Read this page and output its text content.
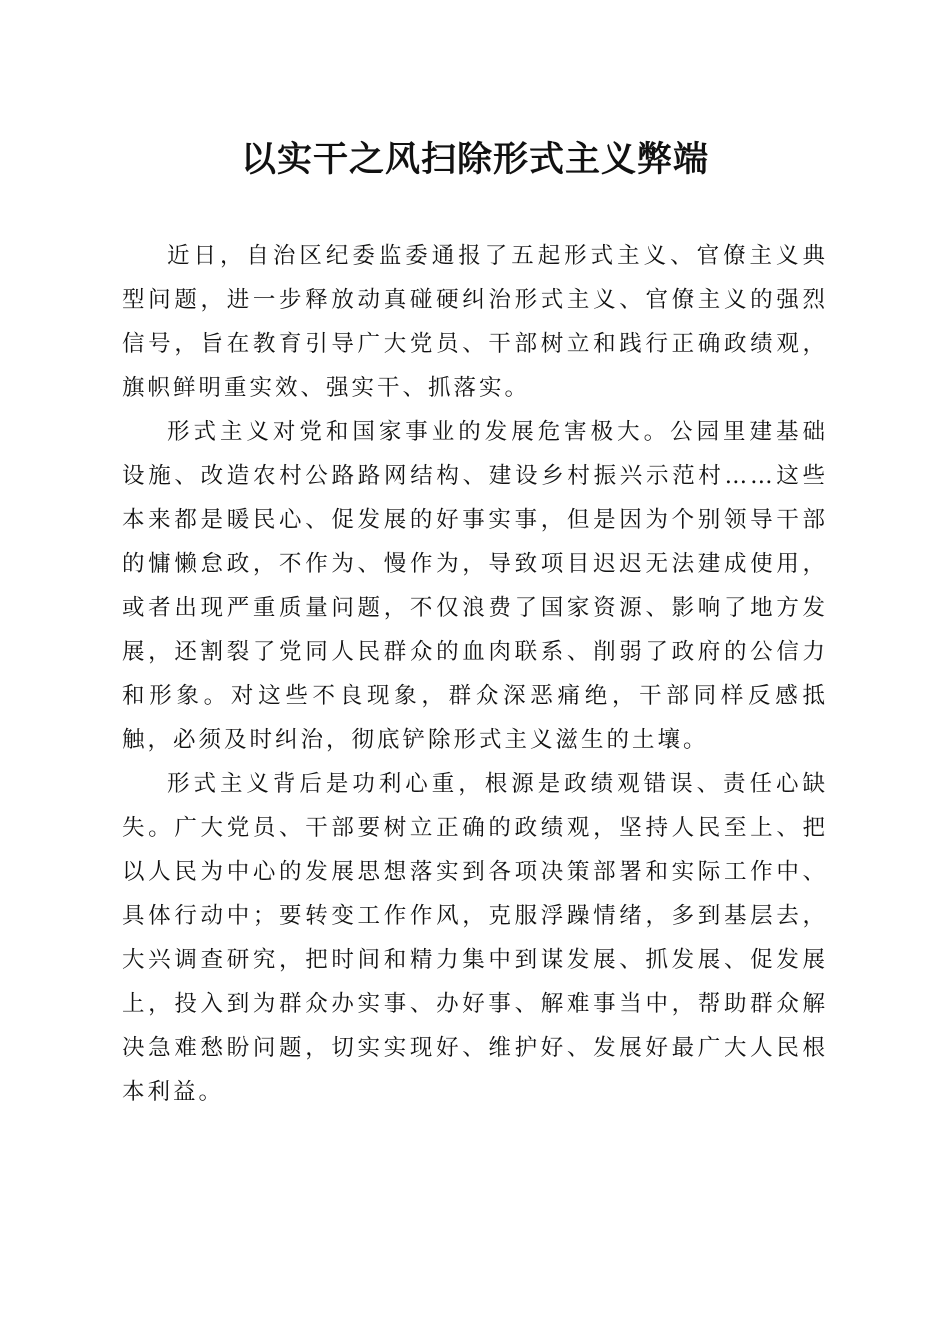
以实干之风扫除形式主义弊端

近日，自治区纪委监委通报了五起形式主义、官僚主义典型问题，进一步释放动真碰硬纠治形式主义、官僚主义的强烈信号，旨在教育引导广大党员、干部树立和践行正确政绩观，旗帜鲜明重实效、强实干、抓落实。

形式主义对党和国家事业的发展危害极大。公园里建基础设施、改造农村公路路网结构、建设乡村振兴示范村……这些本来都是暖民心、促发展的好事实事，但是因为个别领导干部的慵懒怠政，不作为、慢作为，导致项目迟迟无法建成使用，或者出现严重质量问题，不仅浪费了国家资源、影响了地方发展，还割裂了党同人民群众的血肉联系、削弱了政府的公信力和形象。对这些不良现象，群众深恶痛绝，干部同样反感抵触，必须及时纠治，彻底铲除形式主义滋生的土壤。

形式主义背后是功利心重，根源是政绩观错误、责任心缺失。广大党员、干部要树立正确的政绩观，坚持人民至上、把以人民为中心的发展思想落实到各项决策部署和实际工作中、具体行动中；要转变工作作风，克服浮躁情绪，多到基层去，大兴调查研究，把时间和精力集中到谋发展、抓发展、促发展上，投入到为群众办实事、办好事、解难事当中，帮助群众解决急难愁盼问题，切实实现好、维护好、发展好最广大人民根本利益。
